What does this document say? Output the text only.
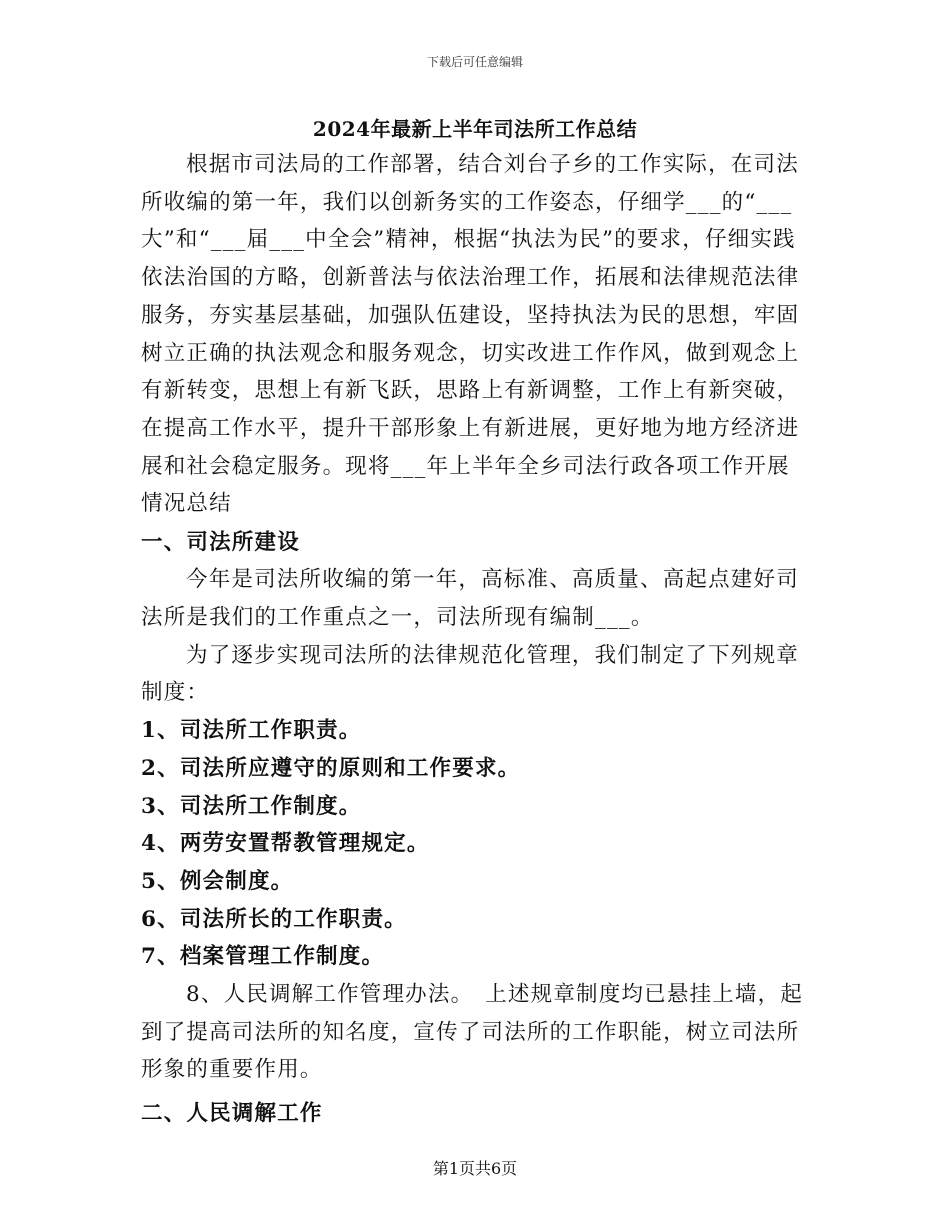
下载后可任意编辑
2024年最新上半年司法所工作总结

根据市司法局的工作部署，结合刘台子乡的工作实际，在司法所收编的第一年，我们以创新务实的工作姿态，仔细学___的“___大”和“___届___中全会”精神，根据“执法为民”的要求，仔细实践依法治国的方略，创新普法与依法治理工作，拓展和法律规范法律服务，夯实基层基础，加强队伍建设，坚持执法为民的思想，牢固树立正确的执法观念和服务观念，切实改进工作作风，做到观念上有新转变，思想上有新飞跃，思路上有新调整，工作上有新突破，在提高工作水平，提升干部形象上有新进展，更好地为地方经济进展和社会稳定服务。现将___年上半年全乡司法行政各项工作开展情况总结

一、司法所建设

今年是司法所收编的第一年，高标准、高质量、高起点建好司法所是我们的工作重点之一，司法所现有编制___。

为了逐步实现司法所的法律规范化管理，我们制定了下列规章制度：

1、司法所工作职责。

2、司法所应遵守的原则和工作要求。

3、司法所工作制度。

4、两劳安置帮教管理规定。

5、例会制度。

6、司法所长的工作职责。

7、档案管理工作制度。

8、人民调解工作管理办法。　上述规章制度均已悬挂上墙，起到了提高司法所的知名度，宣传了司法所的工作职能，树立司法所形象的重要作用。

二、人民调解工作

第1页共6页
